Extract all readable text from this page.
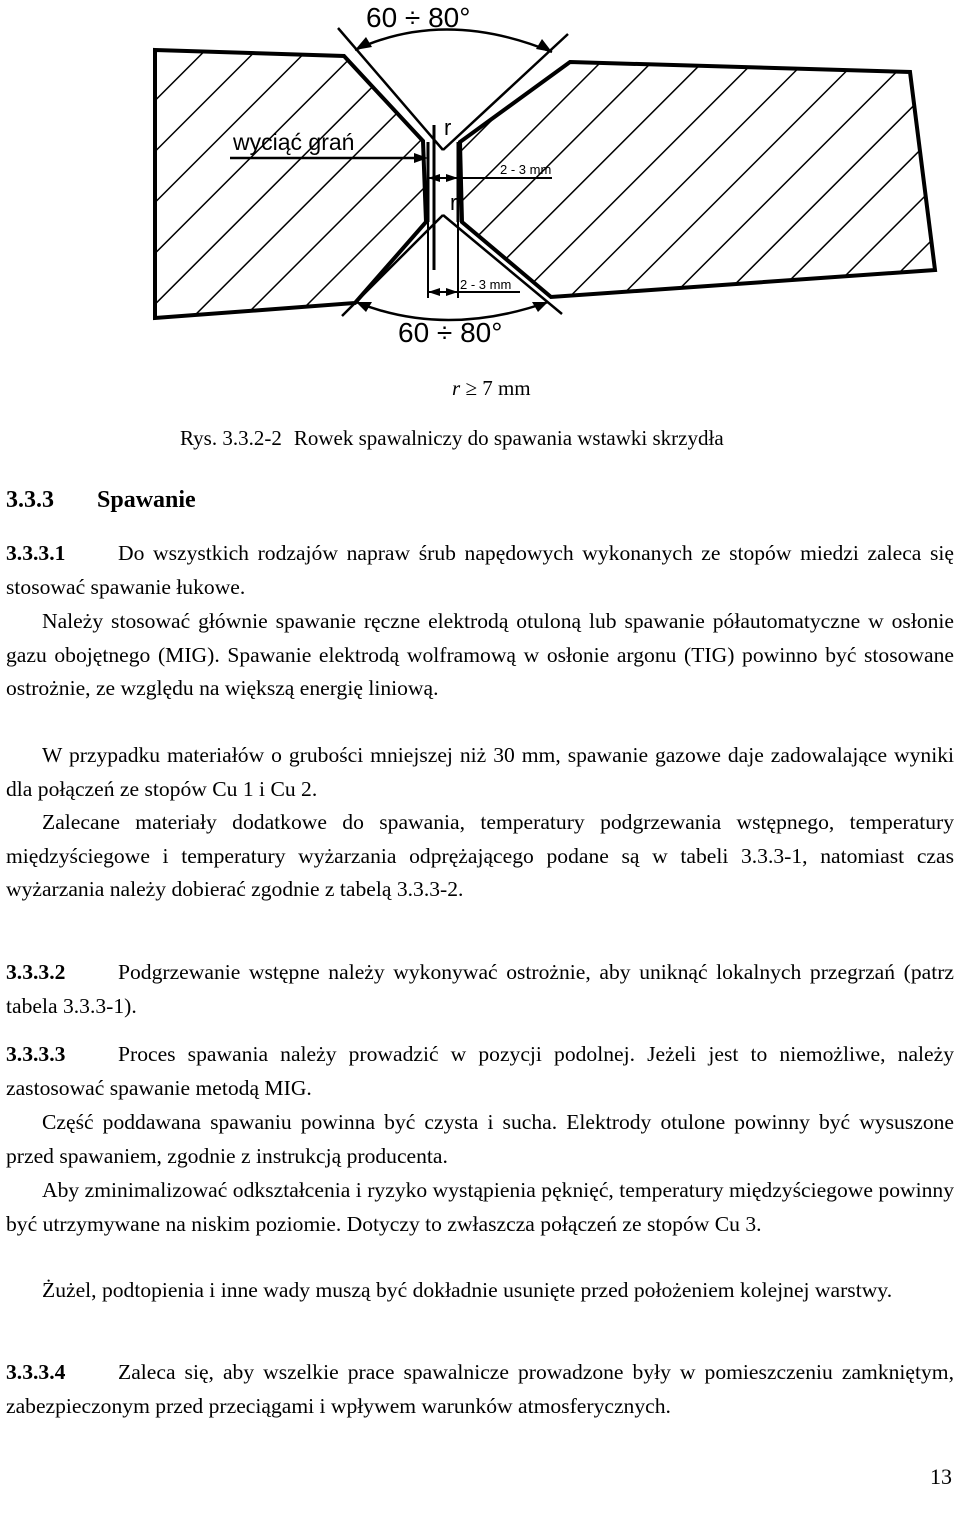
60 ÷ 80°
60 ÷ 80°
wyciąć grań
r
r
2 - 3 mm
2 - 3 mm
r ≥ 7 mm
Rys. 3.3.2-2 Rowek spawalniczy do spawania wstawki skrzydła
3.3.3 Spawanie
3.3.3.1 Do wszystkich rodzajów napraw śrub napędowych wykonanych ze stopów miedzi zaleca się stosować spawanie łukowe.
Należy stosować głównie spawanie ręczne elektrodą otuloną lub spawanie półautomatyczne w osłonie gazu obojętnego (MIG). Spawanie elektrodą wolframową w osłonie argonu (TIG) powinno być stosowane ostrożnie, ze względu na większą energię liniową.
W przypadku materiałów o grubości mniejszej niż 30 mm, spawanie gazowe daje zadowalające wyniki dla połączeń ze stopów Cu 1 i Cu 2.
Zalecane materiały dodatkowe do spawania, temperatury podgrzewania wstępnego, temperatury międzyściegowe i temperatury wyżarzania odprężającego podane są w tabeli 3.3.3-1, natomiast czas wyżarzania należy dobierać zgodnie z tabelą 3.3.3-2.
3.3.3.2 Podgrzewanie wstępne należy wykonywać ostrożnie, aby uniknąć lokalnych przegrzań (patrz tabela 3.3.3-1).
3.3.3.3 Proces spawania należy prowadzić w pozycji podolnej. Jeżeli jest to niemożliwe, należy zastosować spawanie metodą MIG.
Część poddawana spawaniu powinna być czysta i sucha. Elektrody otulone powinny być wysuszone przed spawaniem, zgodnie z instrukcją producenta.
Aby zminimalizować odkształcenia i ryzyko wystąpienia pęknięć, temperatury międzyściegowe powinny być utrzymywane na niskim poziomie. Dotyczy to zwłaszcza połączeń ze stopów Cu 3.
Żużel, podtopienia i inne wady muszą być dokładnie usunięte przed położeniem kolejnej warstwy.
3.3.3.4 Zaleca się, aby wszelkie prace spawalnicze prowadzone były w pomieszczeniu zamkniętym, zabezpieczonym przed przeciągami i wpływem warunków atmosferycznych.
13
